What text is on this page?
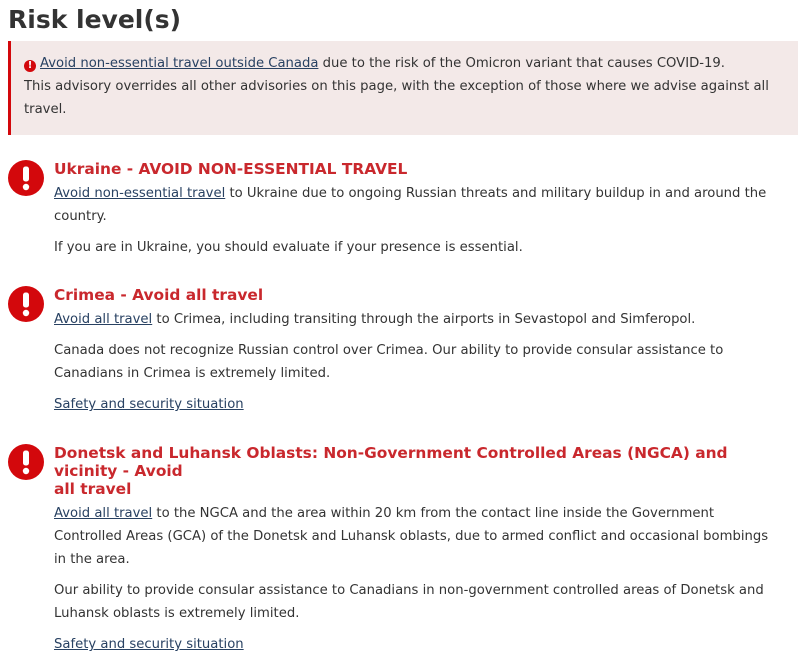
Risk level(s)

! Avoid non-essential travel outside Canada due to the risk of the Omicron variant that causes COVID-19.

This advisory overrides all other advisories on this page, with the exception of those where we advise against all

travel.

Ukraine - AVOID NON-ESSENTIAL TRAVEL

Avoid non-essential travel to Ukraine due to ongoing Russian threats and military buildup in and around the
country.

If you are in Ukraine, you should evaluate if your presence is essential.

Crimea - Avoid all travel

Avoid all travel to Crimea, including transiting through the airports in Sevastopol and Simferopol.

Canada does not recognize Russian control over Crimea. Our ability to provide consular assistance to
Canadians in Crimea is extremely limited.

Safety and security situation

Donetsk and Luhansk Oblasts: Non-Government Controlled Areas (NGCA) and vicinity - Avoid
all travel

Avoid all travel to the NGCA and the area within 20 km from the contact line inside the Government
Controlled Areas (GCA) of the Donetsk and Luhansk oblasts, due to armed conflict and occasional bombings
in the area.

Our ability to provide consular assistance to Canadians in non-government controlled areas of Donetsk and
Luhansk oblasts is extremely limited.

Safety and security situation
